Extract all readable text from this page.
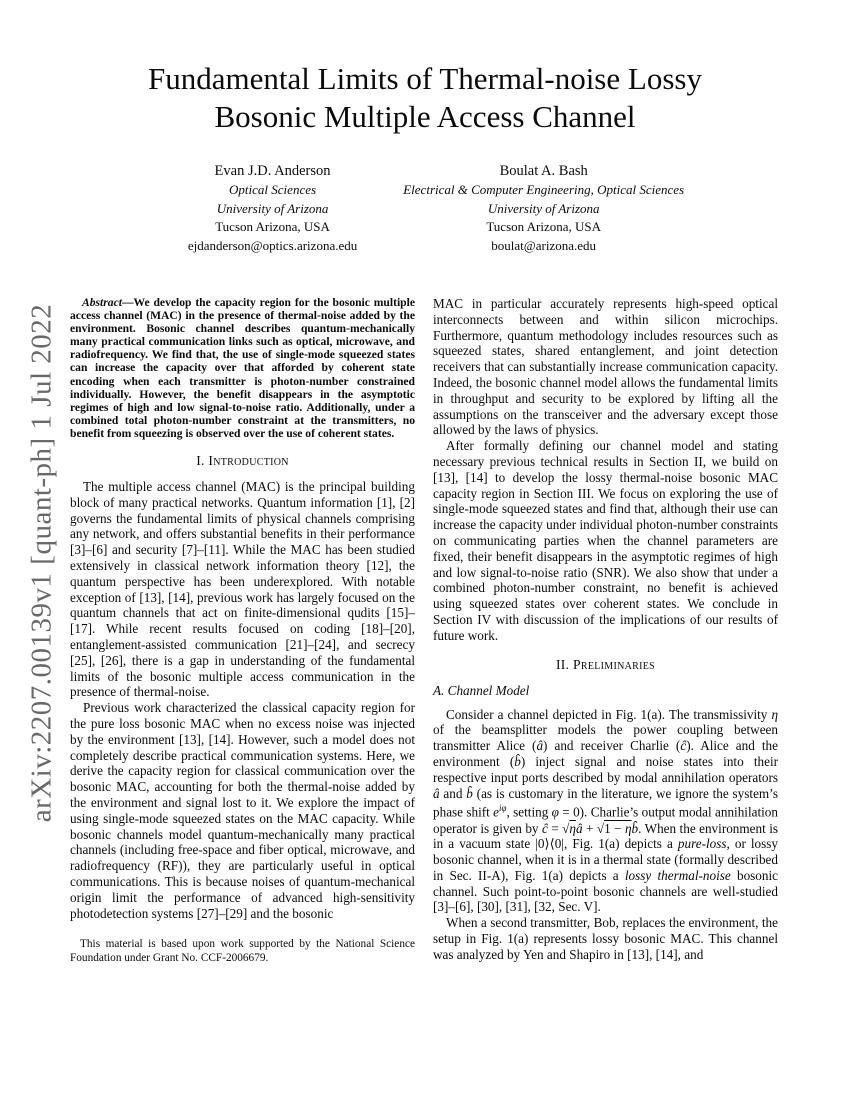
arXiv:2207.00139v1 [quant-ph] 1 Jul 2022
Fundamental Limits of Thermal-noise Lossy
Bosonic Multiple Access Channel
Evan J.D. Anderson
Optical Sciences
University of Arizona
Tucson Arizona, USA
ejdanderson@optics.arizona.edu
Boulat A. Bash
Electrical & Computer Engineering, Optical Sciences
University of Arizona
Tucson Arizona, USA
boulat@arizona.edu

Abstract—We develop the capacity region for the bosonic multiple access channel (MAC) in the presence of thermal-noise added by the environment. Bosonic channel describes quantum-mechanically many practical communication links such as optical, microwave, and radiofrequency. We find that, the use of single-mode squeezed states can increase the capacity over that afforded by coherent state encoding when each transmitter is photon-number constrained individually. However, the benefit disappears in the asymptotic regimes of high and low signal-to-noise ratio. Additionally, under a combined total photon-number constraint at the transmitters, no benefit from squeezing is observed over the use of coherent states.

I. Introduction

The multiple access channel (MAC) is the principal building block of many practical networks. Quantum information [1], [2] governs the fundamental limits of physical channels comprising any network, and offers substantial benefits in their performance [3]–[6] and security [7]–[11]. While the MAC has been studied extensively in classical network information theory [12], the quantum perspective has been underexplored. With notable exception of [13], [14], previous work has largely focused on the quantum channels that act on finite-dimensional qudits [15]–[17]. While recent results focused on coding [18]–[20], entanglement-assisted communication [21]–[24], and secrecy [25], [26], there is a gap in understanding of the fundamental limits of the bosonic multiple access communication in the presence of thermal-noise.

Previous work characterized the classical capacity region for the pure loss bosonic MAC when no excess noise was injected by the environment [13], [14]. However, such a model does not completely describe practical communication systems. Here, we derive the capacity region for classical communication over the bosonic MAC, accounting for both the thermal-noise added by the environment and signal lost to it. We explore the impact of using single-mode squeezed states on the MAC capacity. While bosonic channels model quantum-mechanically many practical channels (including free-space and fiber optical, microwave, and radiofrequency (RF)), they are particularly useful in optical communications. This is because noises of quantum-mechanical origin limit the performance of advanced high-sensitivity photodetection systems [27]–[29] and the bosonic

This material is based upon work supported by the National Science Foundation under Grant No. CCF-2006679.

MAC in particular accurately represents high-speed optical interconnects between and within silicon microchips. Furthermore, quantum methodology includes resources such as squeezed states, shared entanglement, and joint detection receivers that can substantially increase communication capacity. Indeed, the bosonic channel model allows the fundamental limits in throughput and security to be explored by lifting all the assumptions on the transceiver and the adversary except those allowed by the laws of physics.

After formally defining our channel model and stating necessary previous technical results in Section II, we build on [13], [14] to develop the lossy thermal-noise bosonic MAC capacity region in Section III. We focus on exploring the use of single-mode squeezed states and find that, although their use can increase the capacity under individual photon-number constraints on communicating parties when the channel parameters are fixed, their benefit disappears in the asymptotic regimes of high and low signal-to-noise ratio (SNR). We also show that under a combined photon-number constraint, no benefit is achieved using squeezed states over coherent states. We conclude in Section IV with discussion of the implications of our results of future work.

II. Preliminaries
A. Channel Model

Consider a channel depicted in Fig. 1(a). The transmissivity η of the beamsplitter models the power coupling between transmitter Alice (â) and receiver Charlie (ĉ). Alice and the environment (b̂) inject signal and noise states into their respective input ports described by modal annihilation operators â and b̂ (as is customary in the literature, we ignore the system’s phase shift $e^{i\varphi}$, setting φ = 0). Charlie’s output modal annihilation operator is given by ĉ = √ηâ + √1 − ηb̂. When the environment is in a vacuum state |0⟩⟨0|, Fig. 1(a) depicts a pure-loss, or lossy bosonic channel, when it is in a thermal state (formally described in Sec. II-A), Fig. 1(a) depicts a lossy thermal-noise bosonic channel. Such point-to-point bosonic channels are well-studied [3]–[6], [30], [31], [32, Sec. V].

When a second transmitter, Bob, replaces the environment, the setup in Fig. 1(a) represents lossy bosonic MAC. This channel was analyzed by Yen and Shapiro in [13], [14], and
